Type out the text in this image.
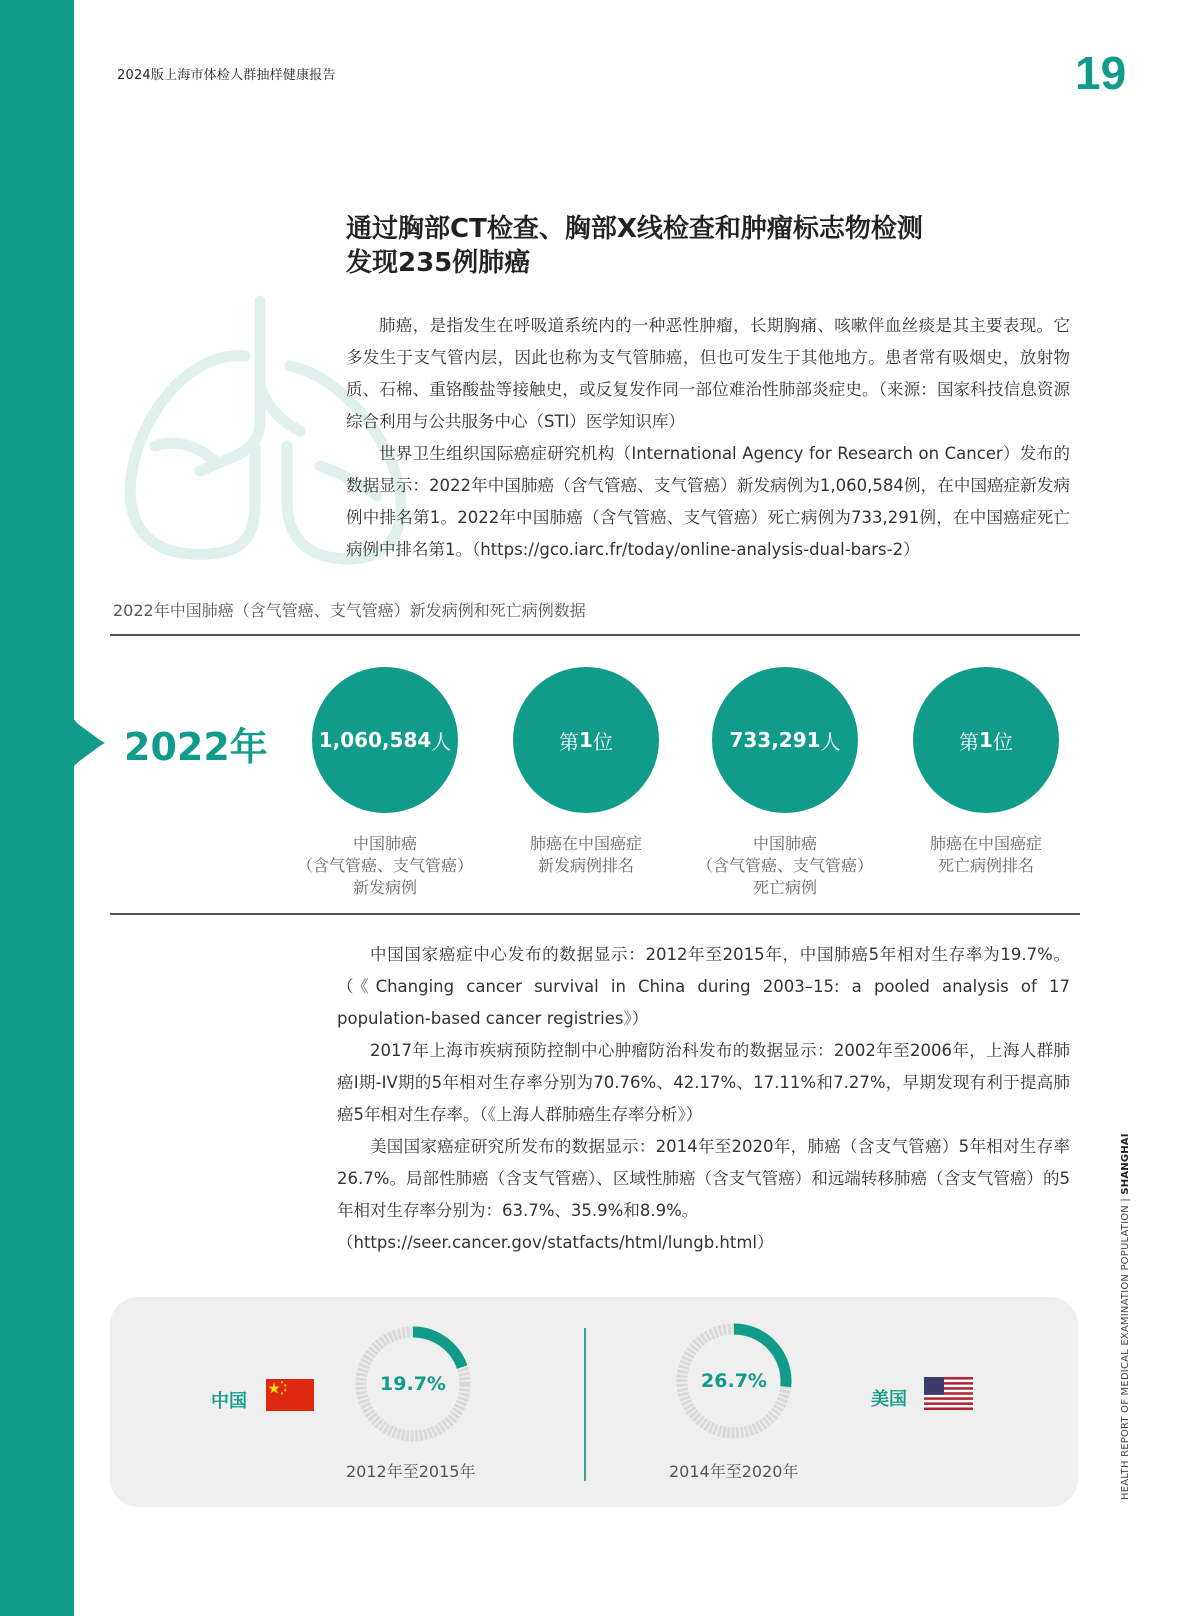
2024版上海市体检人群抽样健康报告	19
通过胸部CT检查、胸部X线检查和肿瘤标志物检测
发现235例肺癌

肺癌，是指发生在呼吸道系统内的一种恶性肿瘤，长期胸痛、咳嗽伴血丝痰是其主要表现。它多发生于支气管内层，因此也称为支气管肺癌，但也可发生于其他地方。患者常有吸烟史，放射物质、石棉、重铬酸盐等接触史，或反复发作同一部位难治性肺部炎症史。（来源：国家科技信息资源综合利用与公共服务中心（STI）医学知识库）

世界卫生组织国际癌症研究机构（International Agency for Research on Cancer）发布的数据显示：2022年中国肺癌（含气管癌、支气管癌）新发病例为1,060,584例，在中国癌症新发病例中排名第1。2022年中国肺癌（含气管癌、支气管癌）死亡病例为733,291例，在中国癌症死亡病例中排名第1。（https://gco.iarc.fr/today/online-analysis-dual-bars-2）

2022年中国肺癌（含气管癌、支气管癌）新发病例和死亡病例数据
2022年	1,060,584 人
中国肺癌
（含气管癌、支气管癌）
新发病例
第 1 位
肺癌在中国癌症
新发病例排名
733,291 人
中国肺癌
（含气管癌、支气管癌）
死亡病例
第 1 位
肺癌在中国癌症
死亡病例排名

中国国家癌症中心发布的数据显示：2012年至2015年，中国肺癌5年相对生存率为19.7%。（《Changing cancer survival in China during 2003–15: a pooled analysis of 17 population-based cancer registries》）

2017年上海市疾病预防控制中心肿瘤防治科发布的数据显示：2002年至2006年，上海人群肺癌I期-IV期的5年相对生存率分别为70.76%、42.17%、17.11%和7.27%，早期发现有利于提高肺癌5年相对生存率。（《上海人群肺癌生存率分析》）

美国国家癌症研究所发布的数据显示：2014年至2020年，肺癌（含支气管癌）5年相对生存率26.7%。局部性肺癌（含支气管癌）、区域性肺癌（含支气管癌）和远端转移肺癌（含支气管癌）的5年相对生存率分别为：63.7%、35.9%和8.9%。

（https://seer.cancer.gov/statfacts/html/lungb.html）

中国
19.7%
2012年至2015年
26.7%
2014年至2020年
美国	HEALTH REPORT OF MEDICAL EXAMINATION POPULATION | SHANGHAI
